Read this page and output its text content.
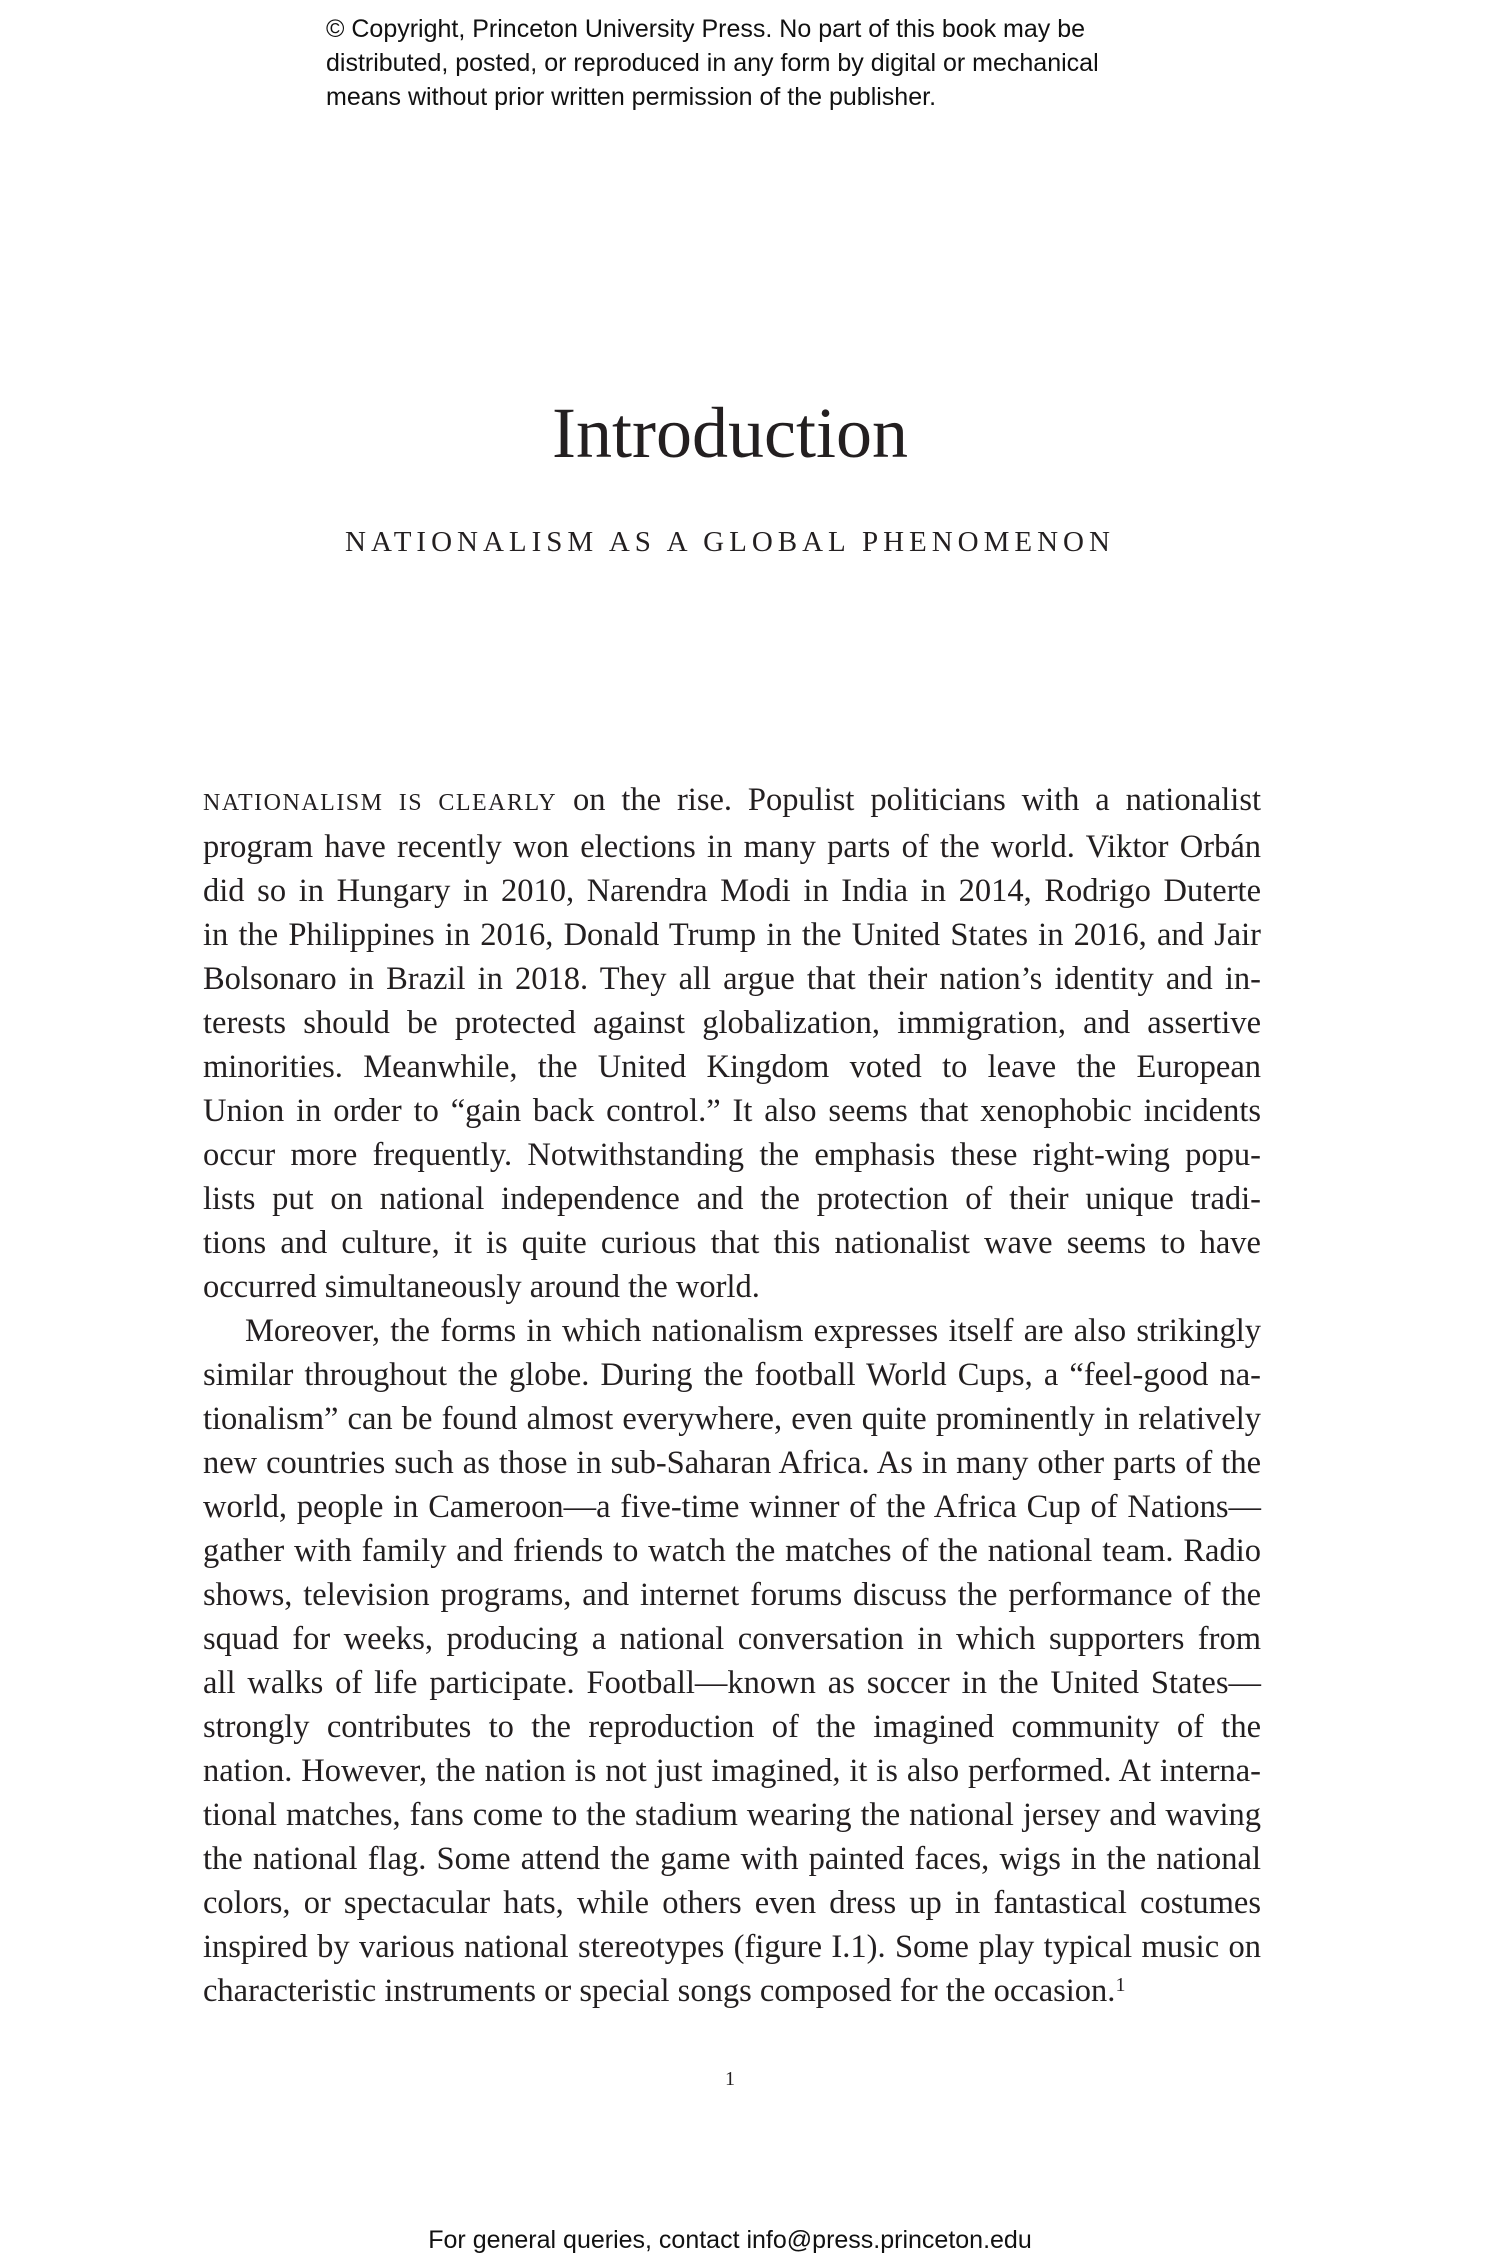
© Copyright, Princeton University Press. No part of this book may be
distributed, posted, or reproduced in any form by digital or mechanical
means without prior written permission of the publisher.
Introduction
NATIONALISM AS A GLOBAL PHENOMENON
NATIONALISM IS CLEARLY on the rise. Populist politicians with a nationalist
program have recently won elections in many parts of the world. Viktor Orbán
did so in Hungary in 2010, Narendra Modi in India in 2014, Rodrigo Duterte
in the Philippines in 2016, Donald Trump in the United States in 2016, and Jair
Bolsonaro in Brazil in 2018. They all argue that their nation’s identity and in-
terests should be protected against globalization, immigration, and assertive
minorities. Meanwhile, the United Kingdom voted to leave the European
Union in order to “gain back control.” It also seems that xenophobic incidents
occur more frequently. Notwithstanding the emphasis these right-wing popu-
lists put on national independence and the protection of their unique tradi-
tions and culture, it is quite curious that this nationalist wave seems to have
occurred simultaneously around the world.
Moreover, the forms in which nationalism expresses itself are also strikingly
similar throughout the globe. During the football World Cups, a “feel-good na-
tionalism” can be found almost everywhere, even quite prominently in relatively
new countries such as those in sub-Saharan Africa. As in many other parts of the
world, people in Cameroon—a five-time winner of the Africa Cup of Nations—
gather with family and friends to watch the matches of the national team. Radio
shows, television programs, and internet forums discuss the performance of the
squad for weeks, producing a national conversation in which supporters from
all walks of life participate. Football—known as soccer in the United States—
strongly contributes to the reproduction of the imagined community of the
nation. However, the nation is not just imagined, it is also performed. At interna-
tional matches, fans come to the stadium wearing the national jersey and waving
the national flag. Some attend the game with painted faces, wigs in the national
colors, or spectacular hats, while others even dress up in fantastical costumes
inspired by various national stereotypes (figure I.1). Some play typical music on
characteristic instruments or special songs composed for the occasion.$^1$
1
For general queries, contact info@press.princeton.edu
